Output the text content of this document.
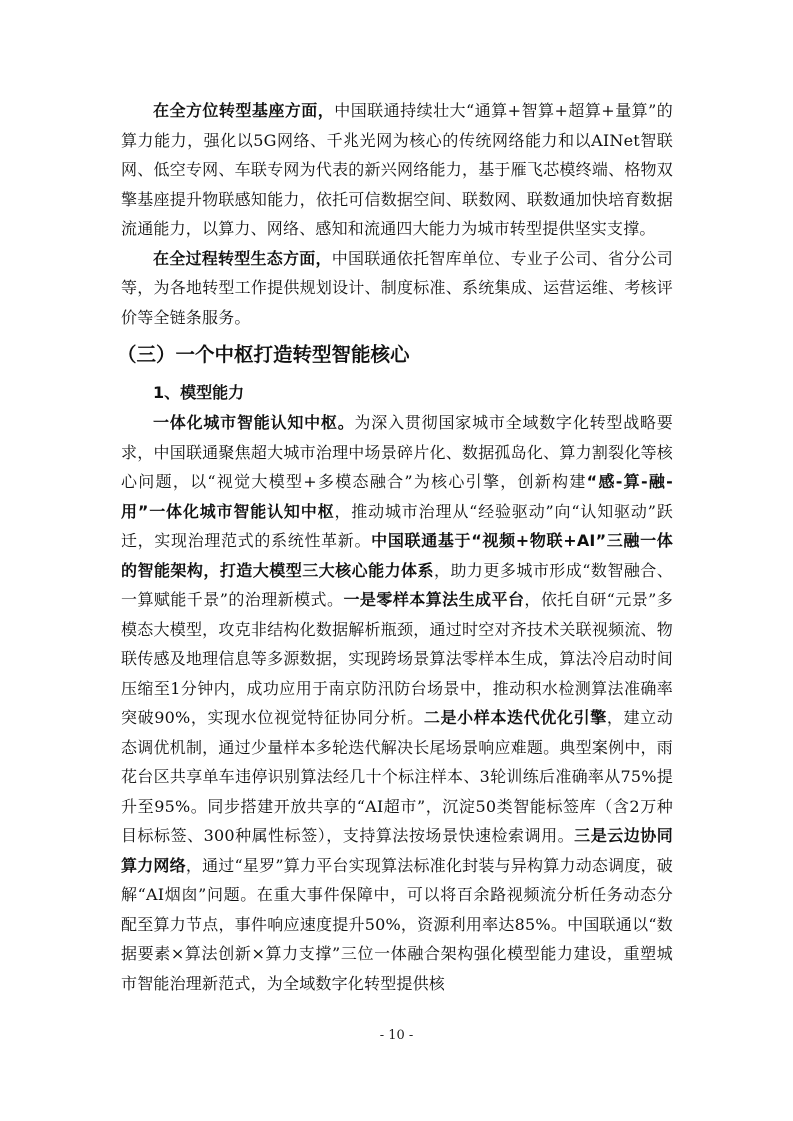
在全方位转型基座方面，中国联通持续壮大“通算+智算+超算+量算”的算力能力，强化以5G网络、千兆光网为核心的传统网络能力和以AINet智联网、低空专网、车联专网为代表的新兴网络能力，基于雁飞芯模终端、格物双擎基座提升物联感知能力，依托可信数据空间、联数网、联数通加快培育数据流通能力，以算力、网络、感知和流通四大能力为城市转型提供坚实支撑。

在全过程转型生态方面，中国联通依托智库单位、专业子公司、省分公司等，为各地转型工作提供规划设计、制度标准、系统集成、运营运维、考核评价等全链条服务。

（三）一个中枢打造转型智能核心
1、模型能力

一体化城市智能认知中枢。为深入贯彻国家城市全域数字化转型战略要求，中国联通聚焦超大城市治理中场景碎片化、数据孤岛化、算力割裂化等核心问题，以“视觉大模型+多模态融合”为核心引擎，创新构建“感-算-融-用”一体化城市智能认知中枢，推动城市治理从“经验驱动”向“认知驱动”跃迁，实现治理范式的系统性革新。中国联通基于“视频+物联+AI”三融一体的智能架构，打造大模型三大核心能力体系，助力更多城市形成“数智融合、一算赋能千景”的治理新模式。一是零样本算法生成平台，依托自研“元景”多模态大模型，攻克非结构化数据解析瓶颈，通过时空对齐技术关联视频流、物联传感及地理信息等多源数据，实现跨场景算法零样本生成，算法冷启动时间压缩至1分钟内，成功应用于南京防汛防台场景中，推动积水检测算法准确率突破90%，实现水位视觉特征协同分析。二是小样本迭代优化引擎，建立动态调优机制，通过少量样本多轮迭代解决长尾场景响应难题。典型案例中，雨花台区共享单车违停识别算法经几十个标注样本、3轮训练后准确率从75%提升至95%。同步搭建开放共享的“AI超市”，沉淀50类智能标签库（含2万种目标标签、300种属性标签），支持算法按场景快速检索调用。三是云边协同算力网络，通过“星罗”算力平台实现算法标准化封装与异构算力动态调度，破解“AI烟囱”问题。在重大事件保障中，可以将百余路视频流分析任务动态分配至算力节点，事件响应速度提升50%，资源利用率达85%。中国联通以“数据要素×算法创新×算力支撑”三位一体融合架构强化模型能力建设，重塑城市智能治理新范式，为全域数字化转型提供核

- 10 -
